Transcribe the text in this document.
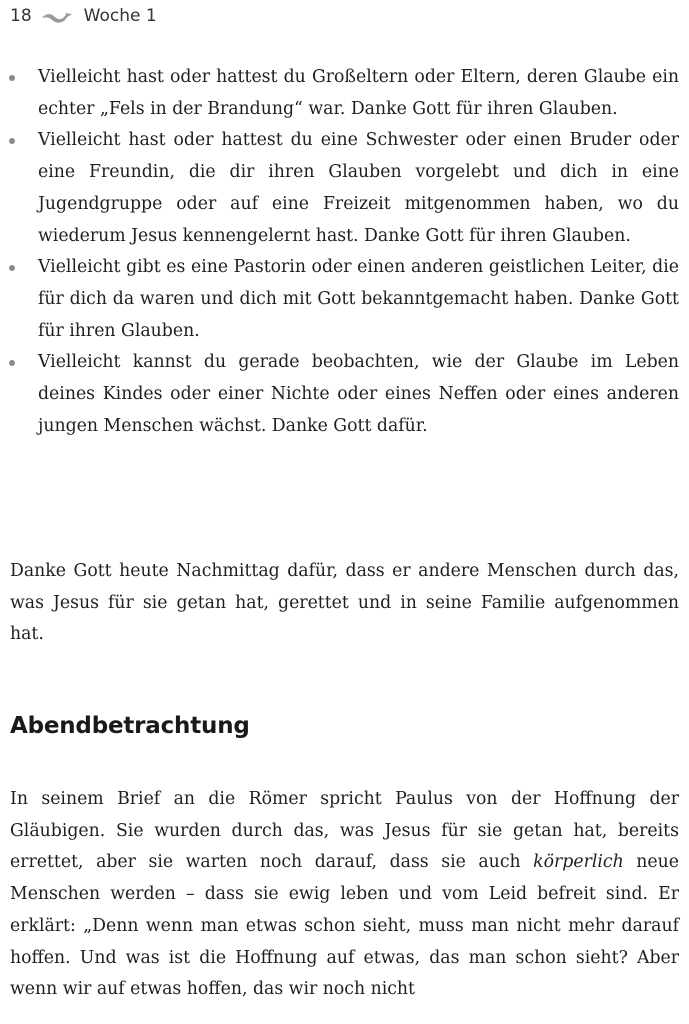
18	Woche 1
Vielleicht hast oder hattest du Großeltern oder Eltern, deren Glaube ein echter „Fels in der Brandung“ war. Danke Gott für ihren Glauben.
Vielleicht hast oder hattest du eine Schwester oder einen Bruder oder eine Freundin, die dir ihren Glauben vorgelebt und dich in eine Jugendgruppe oder auf eine Freizeit mitgenommen haben, wo du wiederum Jesus kennengelernt hast. Danke Gott für ihren Glauben.
Vielleicht gibt es eine Pastorin oder einen anderen geistlichen Leiter, die für dich da waren und dich mit Gott bekanntgemacht haben. Danke Gott für ihren Glauben.
Vielleicht kannst du gerade beobachten, wie der Glaube im Leben deines Kindes oder einer Nichte oder eines Neffen oder eines anderen jungen Menschen wächst. Danke Gott dafür.

Danke Gott heute Nachmittag dafür, dass er andere Menschen durch das, was Jesus für sie getan hat, gerettet und in seine Familie aufgenommen hat.

Abendbetrachtung

In seinem Brief an die Römer spricht Paulus von der Hoffnung der Gläubigen. Sie wurden durch das, was Jesus für sie getan hat, bereits errettet, aber sie warten noch darauf, dass sie auch körperlich neue Menschen werden – dass sie ewig leben und vom Leid befreit sind. Er erklärt: „Denn wenn man etwas schon sieht, muss man nicht mehr darauf hoffen. Und was ist die Hoffnung auf etwas, das man schon sieht? Aber wenn wir auf etwas hoffen, das wir noch nicht
